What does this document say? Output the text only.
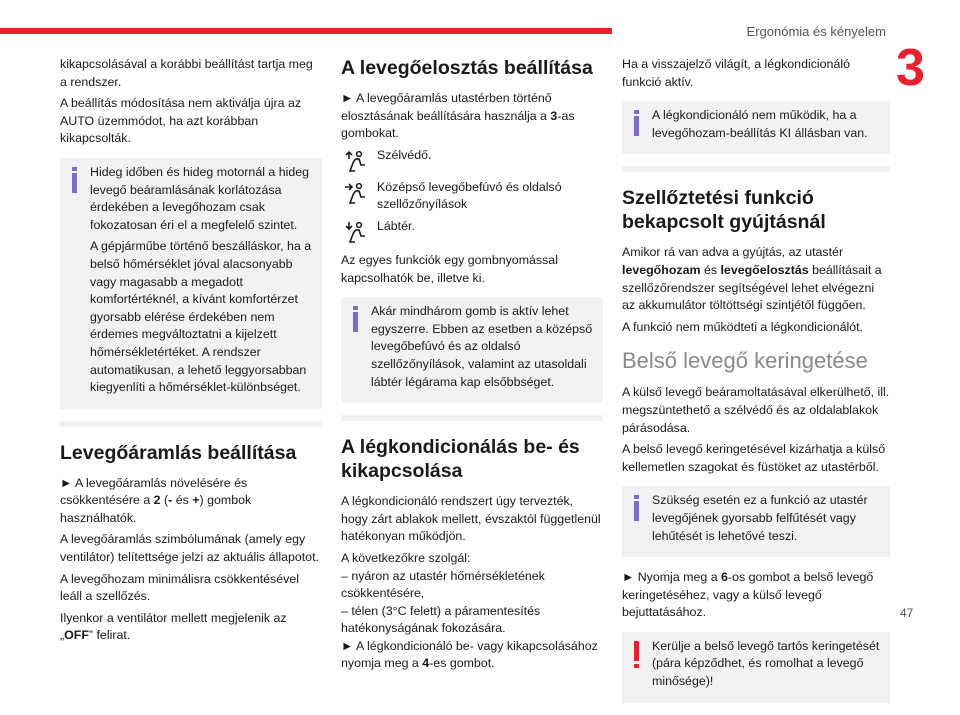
Ergonómia és kényelem
3
47

kikapcsolásával a korábbi beállítást tartja meg a rendszer.

A beállítás módosítása nem aktiválja újra az AUTO üzemmódot, ha azt korábban kikapcsolták.

Hideg időben és hideg motornál a hideg levegő beáramlásának korlátozása érdekében a levegőhozam csak fokozatosan éri el a megfelelő szintet.

A gépjárműbe történő beszálláskor, ha a belső hőmérséklet jóval alacsonyabb vagy magasabb a megadott komfortértéknél, a kívánt komfortérzet gyorsabb elérése érdekében nem érdemes megváltoztatni a kijelzett hőmérsékletértéket. A rendszer automatikusan, a lehető leggyorsabban kiegyenlíti a hőmérséklet-különbséget.

Levegőáramlás beállítása

► A levegőáramlás növelésére és csökkentésére a 2 (- és +) gombok használhatók.

A levegőáramlás szimbólumának (amely egy ventilátor) telítettsége jelzi az aktuális állapotot.

A levegőhozam minimálisra csökkentésével leáll a szellőzés.

Ilyenkor a ventilátor mellett megjelenik az „OFF” felirat.

A levegőelosztás beállítása

► A levegőáramlás utastérben történő elosztásának beállítására használja a 3-as gombokat.

Szélvédő.
Középső levegőbefúvó és oldalsó szellőzőnyílások
Lábtér.

Az egyes funkciók egy gombnyomással kapcsolhatók be, illetve ki.

Akár mindhárom gomb is aktív lehet egyszerre. Ebben az esetben a középső levegőbefúvó és az oldalsó szellőzőnyílások, valamint az utasoldali lábtér légárama kap elsőbbséget.

A légkondicionálás be- és kikapcsolása

A légkondicionáló rendszert úgy tervezték, hogy zárt ablakok mellett, évszaktól függetlenül hatékonyan működjön.

A következőkre szolgál:

– nyáron az utastér hőmérsékletének csökkentésére,

– télen (3°C felett) a páramentesítés hatékonyságának fokozására.

► A légkondicionáló be- vagy kikapcsolásához nyomja meg a 4-es gombot.

Ha a visszajelző világít, a légkondicionáló funkció aktív.

A légkondicionáló nem működik, ha a levegőhozam-beállítás KI állásban van.

Szellőztetési funkció bekapcsolt gyújtásnál

Amikor rá van adva a gyújtás, az utastér levegőhozam és levegőelosztás beállításait a szellőzőrendszer segítségével lehet elvégezni az akkumulátor töltöttségi szintjétől függően.

A funkció nem működteti a légkondicionálót.

Belső levegő keringetése

A külső levegő beáramoltatásával elkerülhető, ill. megszüntethető a szélvédő és az oldalablakok párásodása.

A belső levegő keringetésével kizárhatja a külső kellemetlen szagokat és füstöket az utastérből.

Szükség esetén ez a funkció az utastér levegőjének gyorsabb felfűtését vagy lehűtését is lehetővé teszi.

► Nyomja meg a 6-os gombot a belső levegő keringetéséhez, vagy a külső levegő bejuttatásához.

Kerülje a belső levegő tartós keringetését (pára képződhet, és romolhat a levegő minősége)!
